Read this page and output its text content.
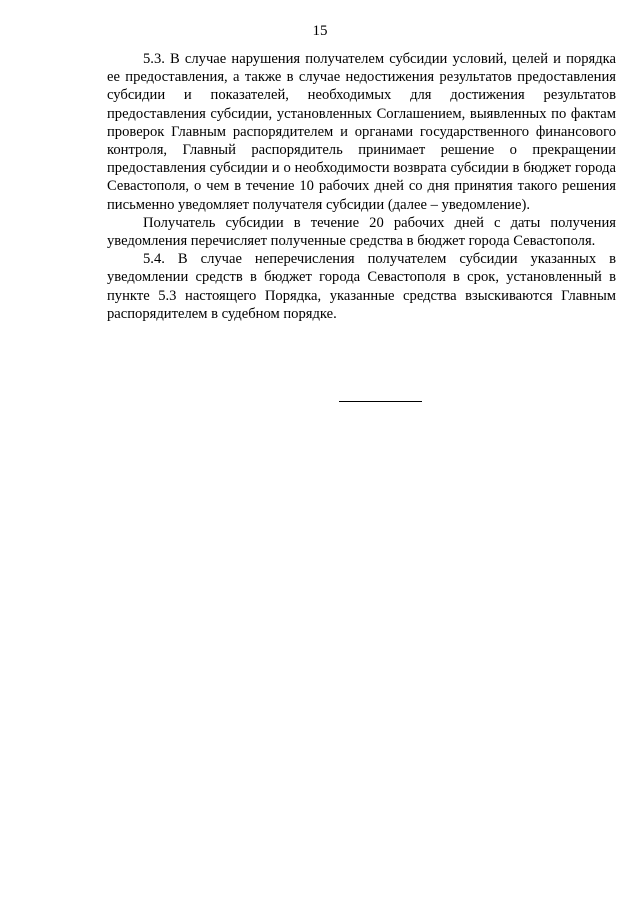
15

5.3. В случае нарушения получателем субсидии условий, целей и порядка ее предоставления, а также в случае недостижения результатов предоставления субсидии и показателей, необходимых для достижения результатов предоставления субсидии, установленных Соглашением, выявленных по фактам проверок Главным распорядителем и органами государственного финансового контроля, Главный распорядитель принимает решение о прекращении предоставления субсидии и о необходимости возврата субсидии в бюджет города Севастополя, о чем в течение 10 рабочих дней со дня принятия такого решения письменно уведомляет получателя субсидии (далее – уведомление).

Получатель субсидии в течение 20 рабочих дней с даты получения уведомления перечисляет полученные средства в бюджет города Севастополя.

5.4. В случае неперечисления получателем субсидии указанных в уведомлении средств в бюджет города Севастополя в срок, установленный в пункте 5.3 настоящего Порядка, указанные средства взыскиваются Главным распорядителем в судебном порядке.
